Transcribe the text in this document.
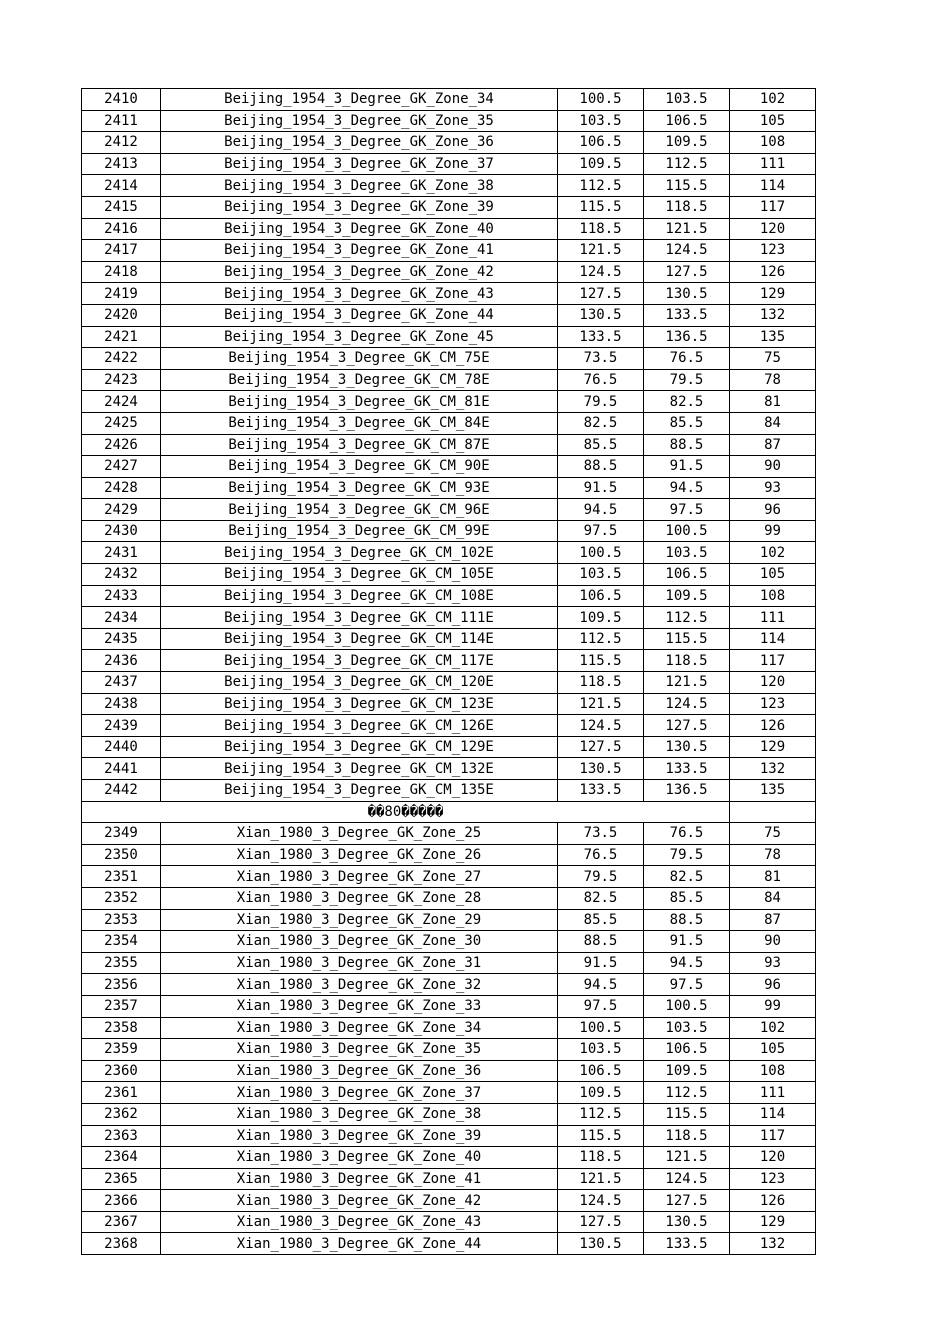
2410	Beijing_1954_3_Degree_GK_Zone_34	100.5	103.5	102
2411	Beijing_1954_3_Degree_GK_Zone_35	103.5	106.5	105
2412	Beijing_1954_3_Degree_GK_Zone_36	106.5	109.5	108
2413	Beijing_1954_3_Degree_GK_Zone_37	109.5	112.5	111
2414	Beijing_1954_3_Degree_GK_Zone_38	112.5	115.5	114
2415	Beijing_1954_3_Degree_GK_Zone_39	115.5	118.5	117
2416	Beijing_1954_3_Degree_GK_Zone_40	118.5	121.5	120
2417	Beijing_1954_3_Degree_GK_Zone_41	121.5	124.5	123
2418	Beijing_1954_3_Degree_GK_Zone_42	124.5	127.5	126
2419	Beijing_1954_3_Degree_GK_Zone_43	127.5	130.5	129
2420	Beijing_1954_3_Degree_GK_Zone_44	130.5	133.5	132
2421	Beijing_1954_3_Degree_GK_Zone_45	133.5	136.5	135
2422	Beijing_1954_3_Degree_GK_CM_75E	73.5	76.5	75
2423	Beijing_1954_3_Degree_GK_CM_78E	76.5	79.5	78
2424	Beijing_1954_3_Degree_GK_CM_81E	79.5	82.5	81
2425	Beijing_1954_3_Degree_GK_CM_84E	82.5	85.5	84
2426	Beijing_1954_3_Degree_GK_CM_87E	85.5	88.5	87
2427	Beijing_1954_3_Degree_GK_CM_90E	88.5	91.5	90
2428	Beijing_1954_3_Degree_GK_CM_93E	91.5	94.5	93
2429	Beijing_1954_3_Degree_GK_CM_96E	94.5	97.5	96
2430	Beijing_1954_3_Degree_GK_CM_99E	97.5	100.5	99
2431	Beijing_1954_3_Degree_GK_CM_102E	100.5	103.5	102
2432	Beijing_1954_3_Degree_GK_CM_105E	103.5	106.5	105
2433	Beijing_1954_3_Degree_GK_CM_108E	106.5	109.5	108
2434	Beijing_1954_3_Degree_GK_CM_111E	109.5	112.5	111
2435	Beijing_1954_3_Degree_GK_CM_114E	112.5	115.5	114
2436	Beijing_1954_3_Degree_GK_CM_117E	115.5	118.5	117
2437	Beijing_1954_3_Degree_GK_CM_120E	118.5	121.5	120
2438	Beijing_1954_3_Degree_GK_CM_123E	121.5	124.5	123
2439	Beijing_1954_3_Degree_GK_CM_126E	124.5	127.5	126
2440	Beijing_1954_3_Degree_GK_CM_129E	127.5	130.5	129
2441	Beijing_1954_3_Degree_GK_CM_132E	130.5	133.5	132
2442	Beijing_1954_3_Degree_GK_CM_135E	133.5	136.5	135
��80�����				
2349	Xian_1980_3_Degree_GK_Zone_25	73.5	76.5	75
2350	Xian_1980_3_Degree_GK_Zone_26	76.5	79.5	78
2351	Xian_1980_3_Degree_GK_Zone_27	79.5	82.5	81
2352	Xian_1980_3_Degree_GK_Zone_28	82.5	85.5	84
2353	Xian_1980_3_Degree_GK_Zone_29	85.5	88.5	87
2354	Xian_1980_3_Degree_GK_Zone_30	88.5	91.5	90
2355	Xian_1980_3_Degree_GK_Zone_31	91.5	94.5	93
2356	Xian_1980_3_Degree_GK_Zone_32	94.5	97.5	96
2357	Xian_1980_3_Degree_GK_Zone_33	97.5	100.5	99
2358	Xian_1980_3_Degree_GK_Zone_34	100.5	103.5	102
2359	Xian_1980_3_Degree_GK_Zone_35	103.5	106.5	105
2360	Xian_1980_3_Degree_GK_Zone_36	106.5	109.5	108
2361	Xian_1980_3_Degree_GK_Zone_37	109.5	112.5	111
2362	Xian_1980_3_Degree_GK_Zone_38	112.5	115.5	114
2363	Xian_1980_3_Degree_GK_Zone_39	115.5	118.5	117
2364	Xian_1980_3_Degree_GK_Zone_40	118.5	121.5	120
2365	Xian_1980_3_Degree_GK_Zone_41	121.5	124.5	123
2366	Xian_1980_3_Degree_GK_Zone_42	124.5	127.5	126
2367	Xian_1980_3_Degree_GK_Zone_43	127.5	130.5	129
2368	Xian_1980_3_Degree_GK_Zone_44	130.5	133.5	132
